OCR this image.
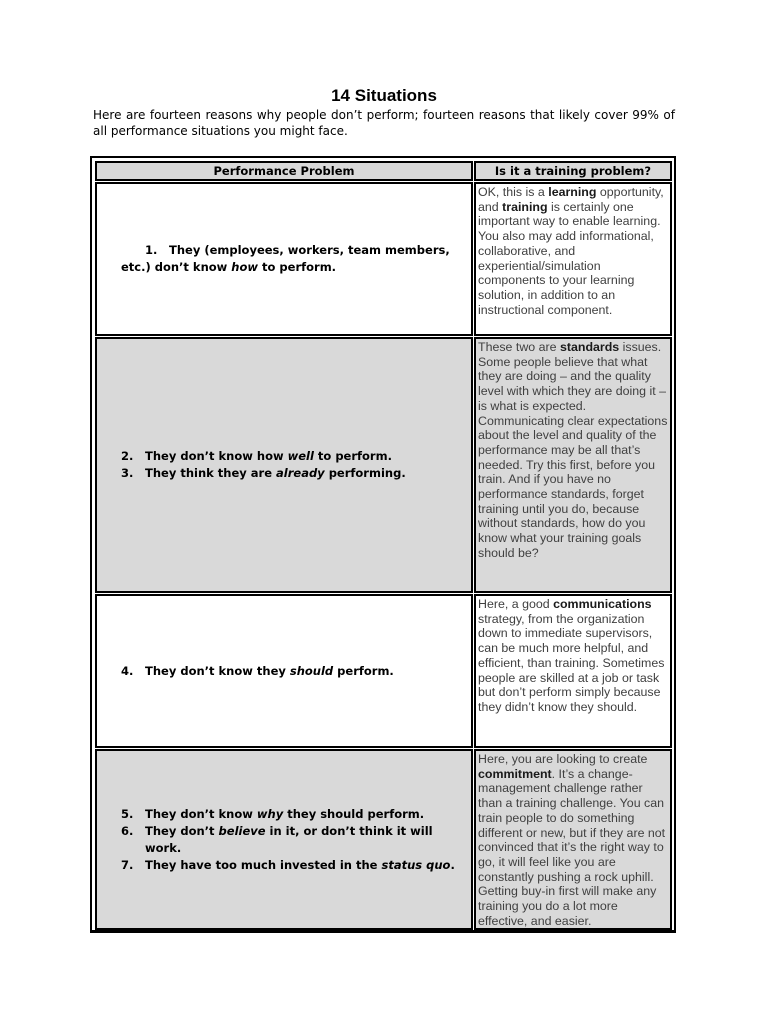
14 Situations
Here are fourteen reasons why people don’t perform; fourteen reasons that likely cover 99% of all performance situations you might face.
Performance Problem	Is it a training problem?
1. They (employees, workers, team members, etc.) don’t know how to perform.
OK, this is a learning opportunity, and training is certainly one important way to enable learning. You also may add informational, collaborative, and experiential/simulation components to your learning solution, in addition to an instructional component.
2. They don’t know how well to perform.
3. They think they are already performing.
These two are standards issues. Some people believe that what they are doing – and the quality level with which they are doing it – is what is expected. Communicating clear expectations about the level and quality of the performance may be all that’s needed. Try this first, before you train. And if you have no performance standards, forget training until you do, because without standards, how do you know what your training goals should be?
4. They don’t know they should perform.
Here, a good communications strategy, from the organization down to immediate supervisors, can be much more helpful, and efficient, than training. Sometimes people are skilled at a job or task but don’t perform simply because they didn’t know they should.
5. They don’t know why they should perform.
6. They don’t believe in it, or don’t think it will work.
7. They have too much invested in the status quo.
Here, you are looking to create commitment. It’s a change-management challenge rather than a training challenge. You can train people to do something different or new, but if they are not convinced that it’s the right way to go, it will feel like you are constantly pushing a rock uphill. Getting buy-in first will make any training you do a lot more effective, and easier.
